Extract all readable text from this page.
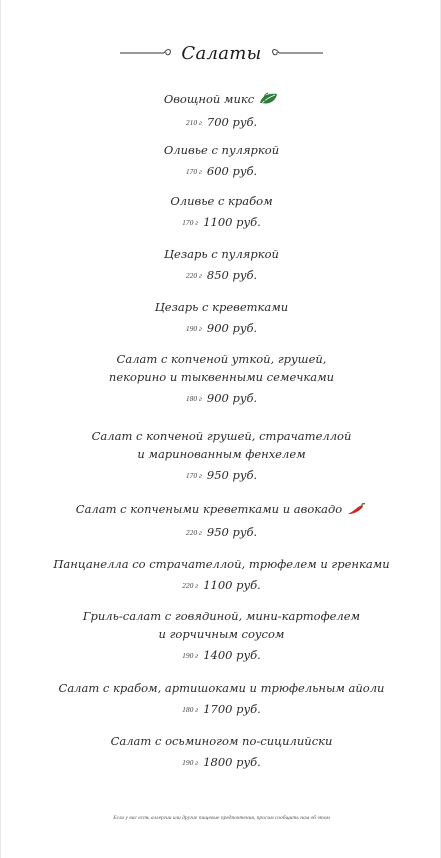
Салаты
Овощной микс
210 г 700 руб.
Оливье с пуляркой
170 г 600 руб.
Оливье с крабом
170 г 1100 руб.
Цезарь с пуляркой
220 г 850 руб.
Цезарь с креветками
190 г 900 руб.
Салат с копченой уткой, грушей,
пекорино и тыквенными семечками
180 г 900 руб.
Салат с копченой грушей, страчателлой
и маринованным фенхелем
170 г 950 руб.
Салат с копчеными креветками и авокадо
220 г 950 руб.
Панцанелла со страчателлой, трюфелем и гренками
220 г 1100 руб.
Гриль-салат с говядиной, мини-картофелем
и горчичным соусом
190 г 1400 руб.
Салат с крабом, артишоками и трюфельным айоли
180 г 1700 руб.
Салат с осьминогом по-сицилийски
190 г 1800 руб.
Если у вас есть аллергии или другие пищевые предпочтения, просим сообщить нам об этом
